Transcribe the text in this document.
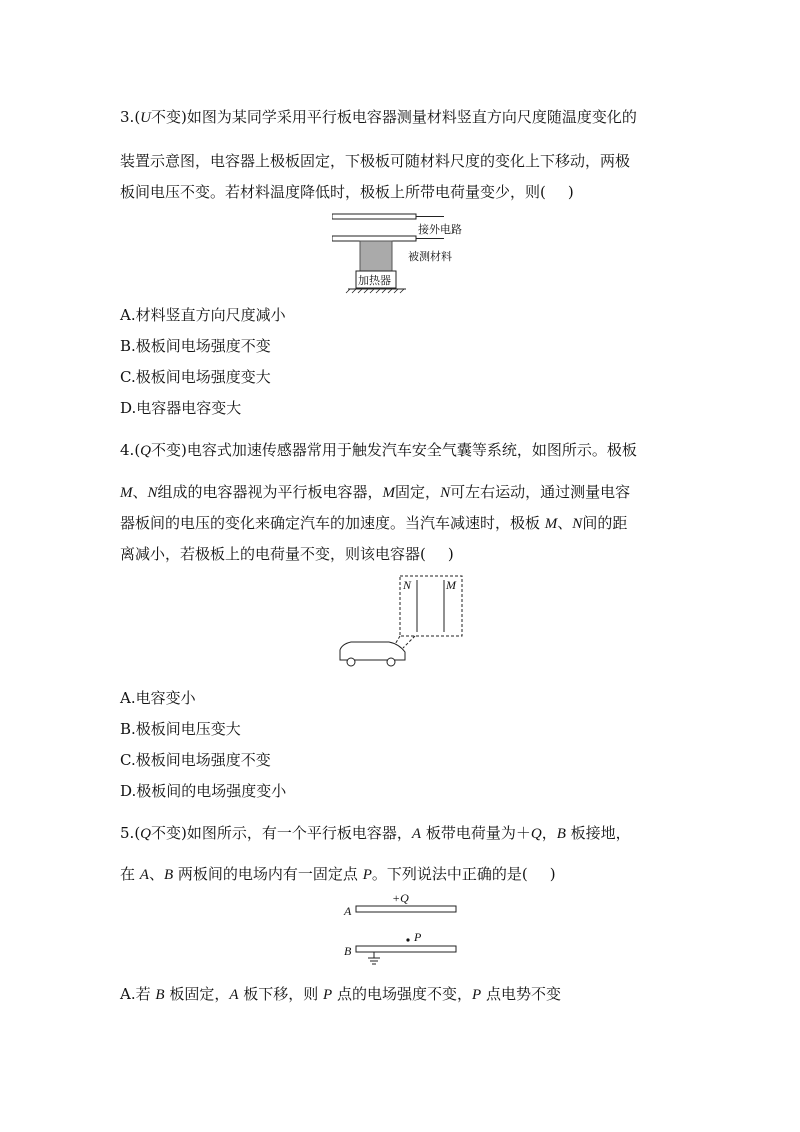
3.(U不变)如图为某同学采用平行板电容器测量材料竖直方向尺度随温度变化的
装置示意图，电容器上极板固定，下极板可随材料尺度的变化上下移动，两极
板间电压不变。若材料温度降低时，极板上所带电荷量变少，则( )
接外电路
被测材料
加热器
A.材料竖直方向尺度减小
B.极板间电场强度不变
C.极板间电场强度变大
D.电容器电容变大
4.(Q不变)电容式加速传感器常用于触发汽车安全气囊等系统，如图所示。极板
M、N组成的电容器视为平行板电容器，M固定，N可左右运动，通过测量电容
器板间的电压的变化来确定汽车的加速度。当汽车减速时，极板 M、N间的距
离减小，若极板上的电荷量不变，则该电容器( )
N	M
A.电容变小
B.极板间电压变大
C.极板间电场强度不变
D.极板间的电场强度变小
5.(Q不变)如图所示，有一个平行板电容器，A 板带电荷量为＋Q，B 板接地，
在 A、B 两板间的电场内有一固定点 P。下列说法中正确的是( )
+Q
A
P
B
A.若 B 板固定，A 板下移，则 P 点的电场强度不变，P 点电势不变
